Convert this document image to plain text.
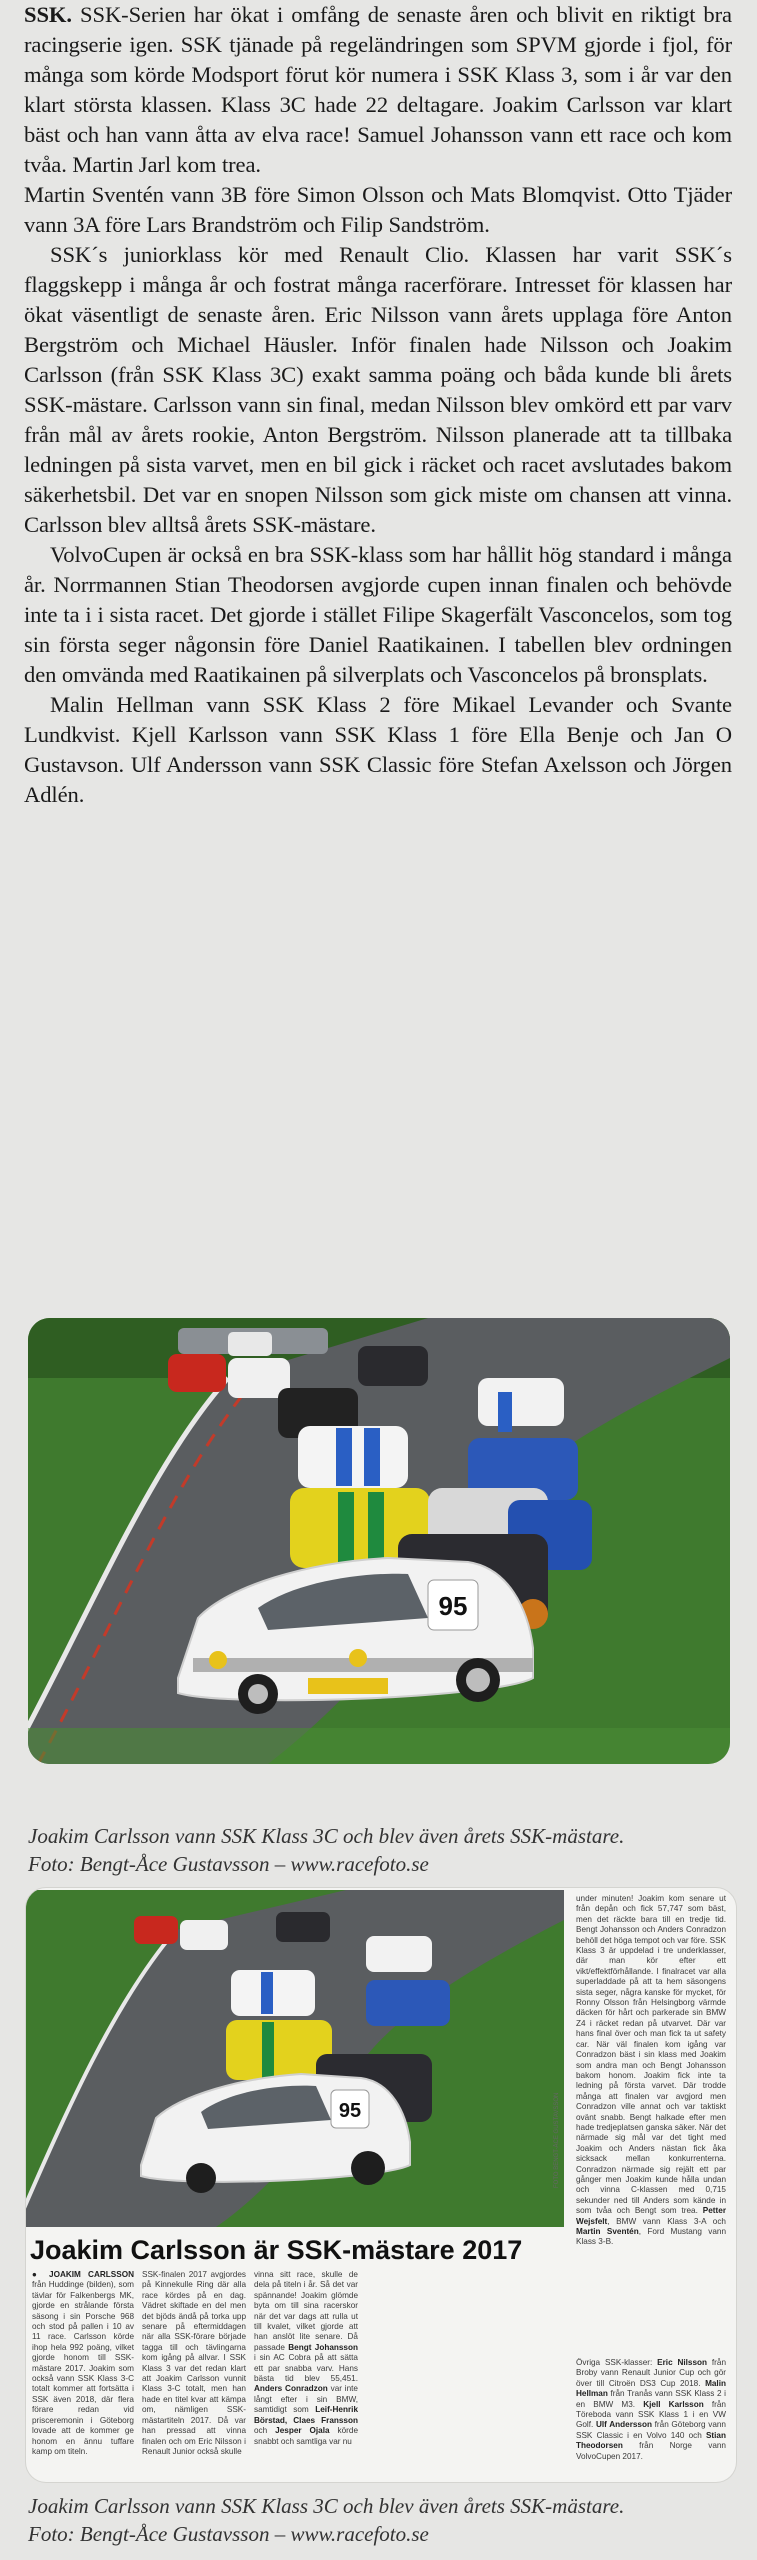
SSK. SSK-Serien har ökat i omfång de senaste åren och blivit en riktigt bra racingserie igen. SSK tjänade på regeländringen som SPVM gjorde i fjol, för många som körde Modsport förut kör numera i SSK Klass 3, som i år var den klart största klassen. Klass 3C hade 22 deltagare. Joakim Carlsson var klart bäst och han vann åtta av elva race! Samuel Johansson vann ett race och kom tvåa. Martin Jarl kom trea.

Martin Sventén vann 3B före Simon Olsson och Mats Blomqvist. Otto Tjäder vann 3A före Lars Brandström och Filip Sandström.

SSK´s juniorklass kör med Renault Clio. Klassen har varit SSK´s flaggskepp i många år och fostrat många racerförare. Intresset för klassen har ökat väsentligt de senaste åren. Eric Nilsson vann årets upplaga före Anton Bergström och Michael Häusler. Inför finalen hade Nilsson och Joakim Carlsson (från SSK Klass 3C) exakt samma poäng och båda kunde bli årets SSK-mästare. Carlsson vann sin final, medan Nilsson blev omkörd ett par varv från mål av årets rookie, Anton Bergström. Nilsson planerade att ta tillbaka ledningen på sista varvet, men en bil gick i räcket och racet avslutades bakom säkerhetsbil. Det var en snopen Nilsson som gick miste om chansen att vinna. Carlsson blev alltså årets SSK-mästare.

VolvoCupen är också en bra SSK-klass som har hållit hög standard i många år. Norrmannen Stian Theodorsen avgjorde cupen innan finalen och behövde inte ta i i sista racet. Det gjorde i stället Filipe Skagerfält Vasconcelos, som tog sin första seger någonsin före Daniel Raatikainen. I tabellen blev ordningen den omvända med Raatikainen på silverplats och Vasconcelos på bronsplats.

Malin Hellman vann SSK Klass 2 före Mikael Levander och Svante Lundkvist. Kjell Karlsson vann SSK Klass 1 före Ella Benje och Jan O Gustavson. Ulf Andersson vann SSK Classic före Stefan Axelsson och Jörgen Adlén.

95
Joakim Carlsson vann SSK Klass 3C och blev även årets SSK-mästare.
Foto: Bengt-Åce Gustavsson – www.racefoto.se
95	FOTO BENGT-ÅCE GUSTAVSSON
Joakim Carlsson är SSK-mästare 2017
● JOAKIM CARLSSON från Huddinge (bilden), som tävlar för Falkenbergs MK, gjorde en strålande första säsong i sin Porsche 968 och stod på pallen i 10 av 11 race. Carlsson körde ihop hela 992 poäng, vilket gjorde honom till SSK-mästare 2017. Joakim som också vann SSK Klass 3-C totalt kommer att fortsätta i SSK även 2018, där flera förare redan vid prisceremonin i Göteborg lovade att de kommer ge honom en ännu tuffare kamp om titeln.
SSK-finalen 2017 avgjordes på Kinnekulle Ring där alla race kördes på en dag. Vädret skiftade en del men det bjöds ändå på torka upp senare på eftermiddagen när alla SSK-förare började tagga till och tävlingarna kom igång på allvar. I SSK Klass 3 var det redan klart att Joakim Carlsson vunnit Klass 3-C totalt, men han hade en titel kvar att kämpa om, nämligen SSK-mästartiteln 2017. Då var han pressad att vinna finalen och om Eric Nilsson i Renault Junior också skulle
vinna sitt race, skulle de dela på titeln i år. Så det var spännande! Joakim glömde byta om till sina racerskor när det var dags att rulla ut till kvalet, vilket gjorde att han anslöt lite senare. Då passade Bengt Johansson i sin AC Cobra på att sätta ett par snabba varv. Hans bästa tid blev 55,451. Anders Conradzon var inte långt efter i sin BMW, samtidigt som Leif-Henrik Börstad, Claes Fransson och Jesper Ojala körde snabbt och samtliga var nu
under minuten! Joakim kom senare ut från depån och fick 57,747 som bäst, men det räckte bara till en tredje tid. Bengt Johansson och Anders Conradzon behöll det höga tempot och var före. SSK Klass 3 är uppdelad i tre underklasser, där man kör efter ett vikt/effektförhållande. I finalracet var alla superladdade på att ta hem säsongens sista seger, några kanske för mycket, för Ronny Olsson från Helsingborg värmde däcken för hårt och parkerade sin BMW Z4 i räcket redan på utvarvet. Där var hans final över och man fick ta ut safety car. När väl finalen kom igång var Conradzon bäst i sin klass med Joakim som andra man och Bengt Johansson bakom honom. Joakim fick inte ta ledning på första varvet. Där trodde många att finalen var avgjord men Conradzon ville annat och var taktiskt ovänt snabb. Bengt halkade efter men hade tredjeplatsen ganska säker. När det närmade sig mål var det tight med Joakim och Anders nästan fick åka sicksack mellan konkurrenterna. Conradzon närmade sig rejält ett par gånger men Joakim kunde hålla undan och vinna C-klassen med 0,715 sekunder ned till Anders som kände in som tvåa och Bengt som trea. Petter Wejsfelt, BMW vann Klass 3-A och Martin Sventén, Ford Mustang vann Klass 3-B.
Övriga SSK-klasser: Eric Nilsson från Broby vann Renault Junior Cup och gör över till Citroën DS3 Cup 2018. Malin Hellman från Tranås vann SSK Klass 2 i en BMW M3. Kjell Karlsson från Töreboda vann SSK Klass 1 i en VW Golf. Ulf Andersson från Göteborg vann SSK Classic i en Volvo 140 och Stian Theodorsen från Norge vann VolvoCupen 2017.
Joakim Carlsson vann SSK Klass 3C och blev även årets SSK-mästare.
Foto: Bengt-Åce Gustavsson – www.racefoto.se
